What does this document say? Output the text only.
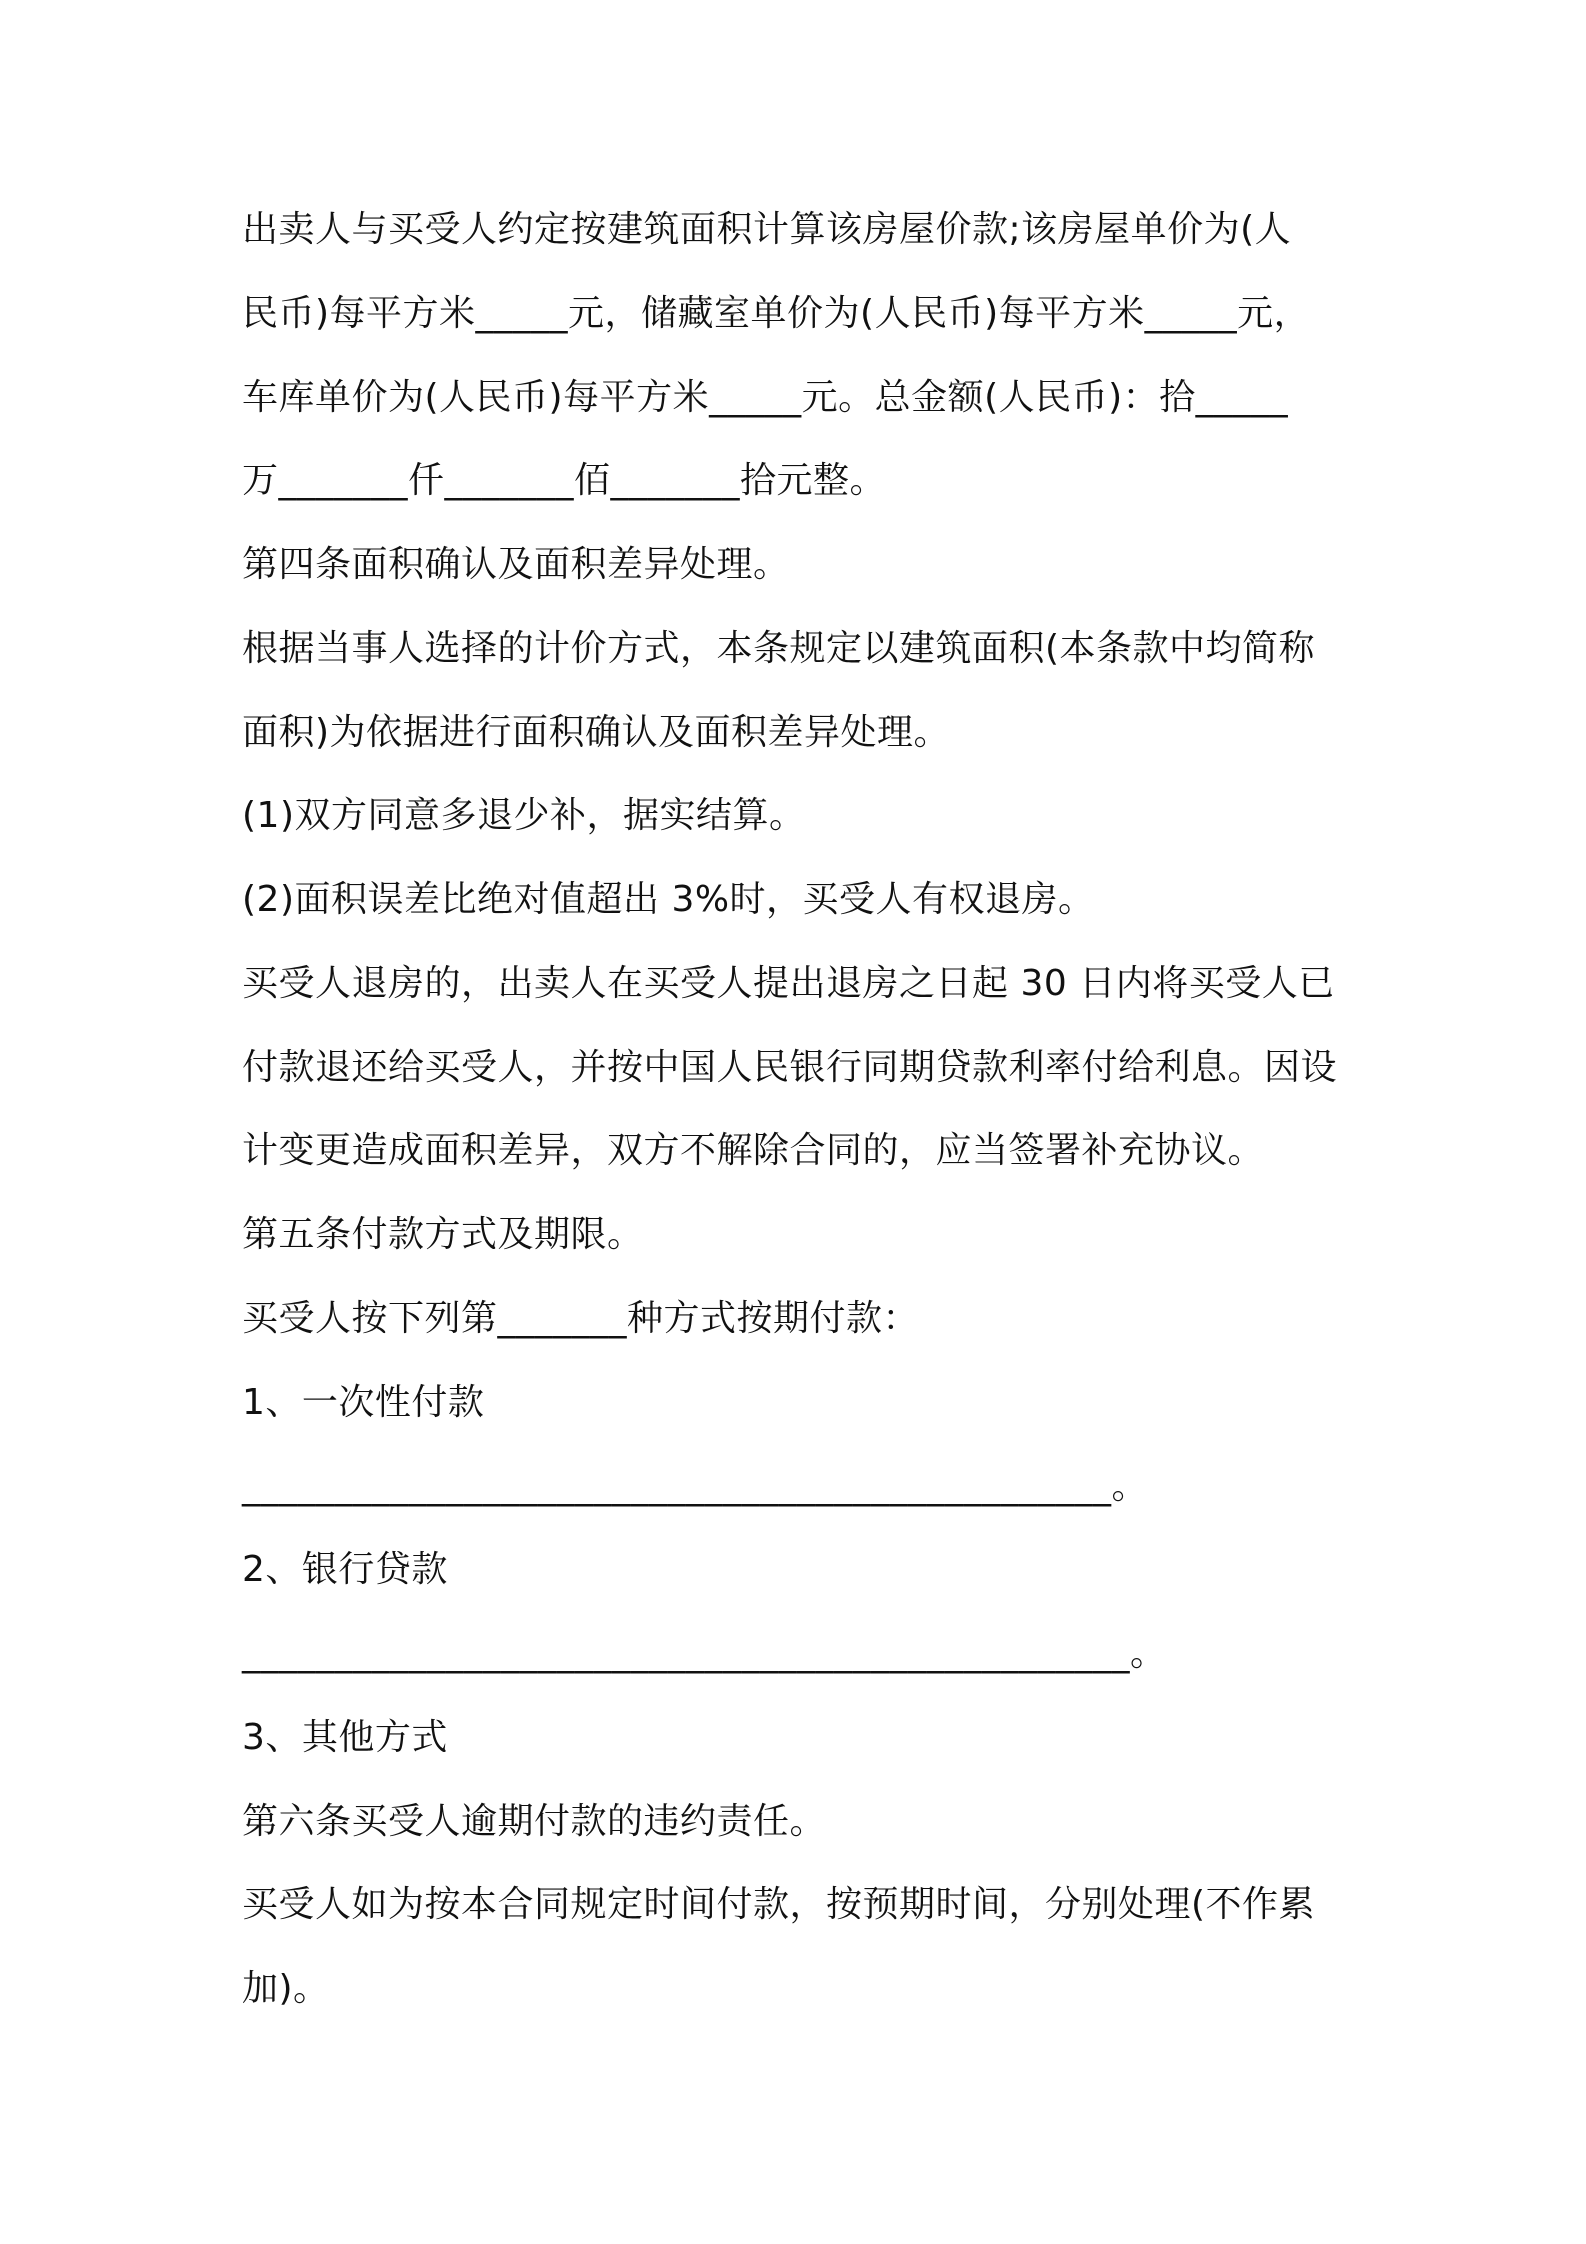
出卖人与买受人约定按建筑面积计算该房屋价款;该房屋单价为(人
民币)每平方米_____元，储藏室单价为(人民币)每平方米_____元，
车库单价为(人民币)每平方米_____元。总金额(人民币)：拾_____
万_______仟_______佰_______拾元整。
第四条面积确认及面积差异处理。
根据当事人选择的计价方式，本条规定以建筑面积(本条款中均简称
面积)为依据进行面积确认及面积差异处理。
(1)双方同意多退少补，据实结算。
(2)面积误差比绝对值超出 3%时，买受人有权退房。
买受人退房的，出卖人在买受人提出退房之日起 30 日内将买受人已
付款退还给买受人，并按中国人民银行同期贷款利率付给利息。因设
计变更造成面积差异，双方不解除合同的，应当签署补充协议。
第五条付款方式及期限。
买受人按下列第_______种方式按期付款：
1、一次性付款
_______________________________________________。
2、银行贷款
________________________________________________。
3、其他方式
第六条买受人逾期付款的违约责任。
买受人如为按本合同规定时间付款，按预期时间，分别处理(不作累
加)。
